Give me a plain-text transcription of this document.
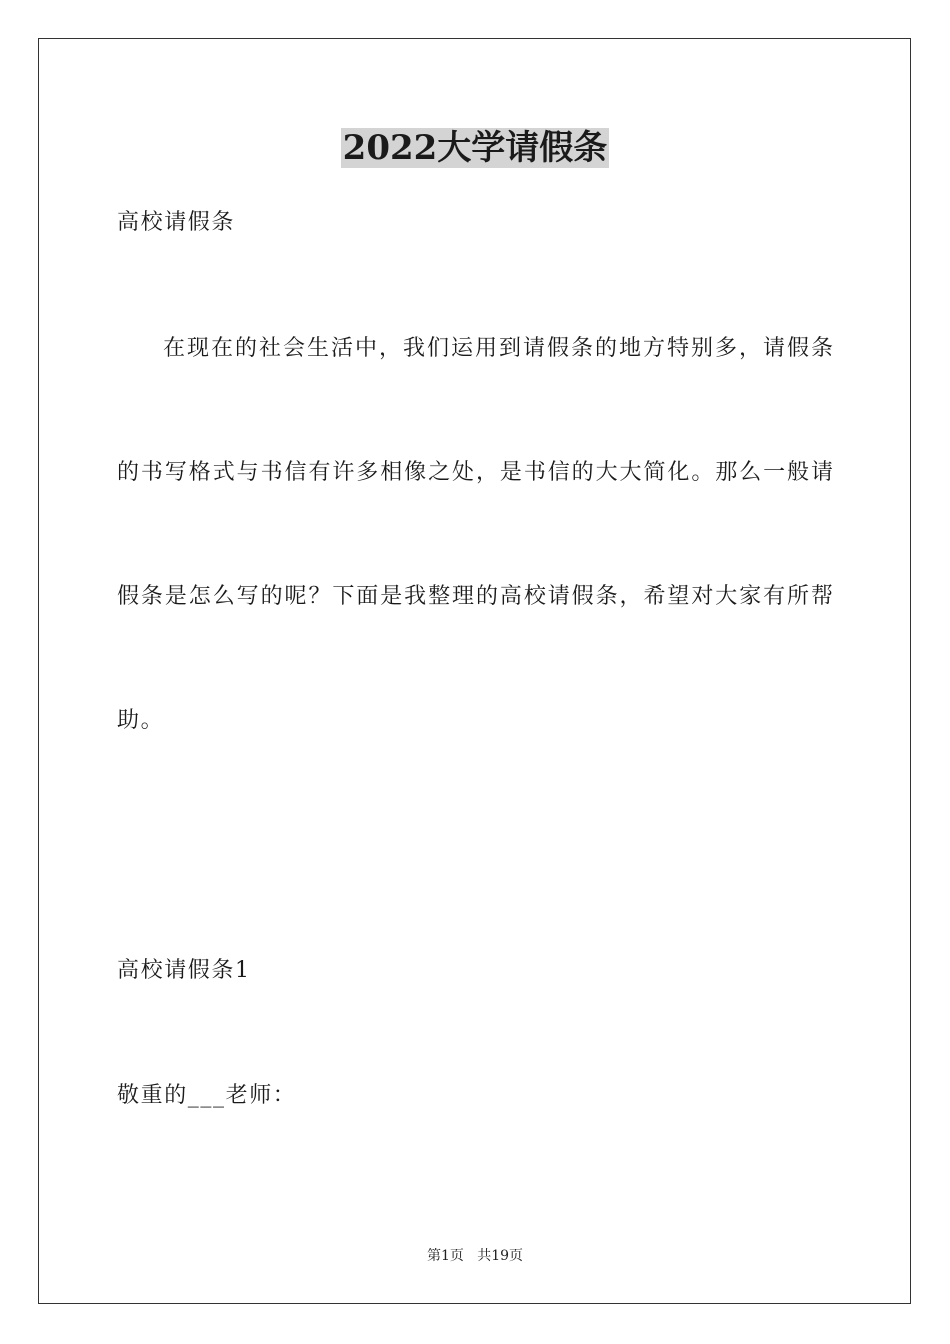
2022大学请假条
高校请假条
在现在的社会生活中，我们运用到请假条的地方特别多，请假条
的书写格式与书信有许多相像之处，是书信的大大简化。那么一般请
假条是怎么写的呢？下面是我整理的高校请假条，希望对大家有所帮
助。
高校请假条1
敬重的___老师：
第1页   共19页
